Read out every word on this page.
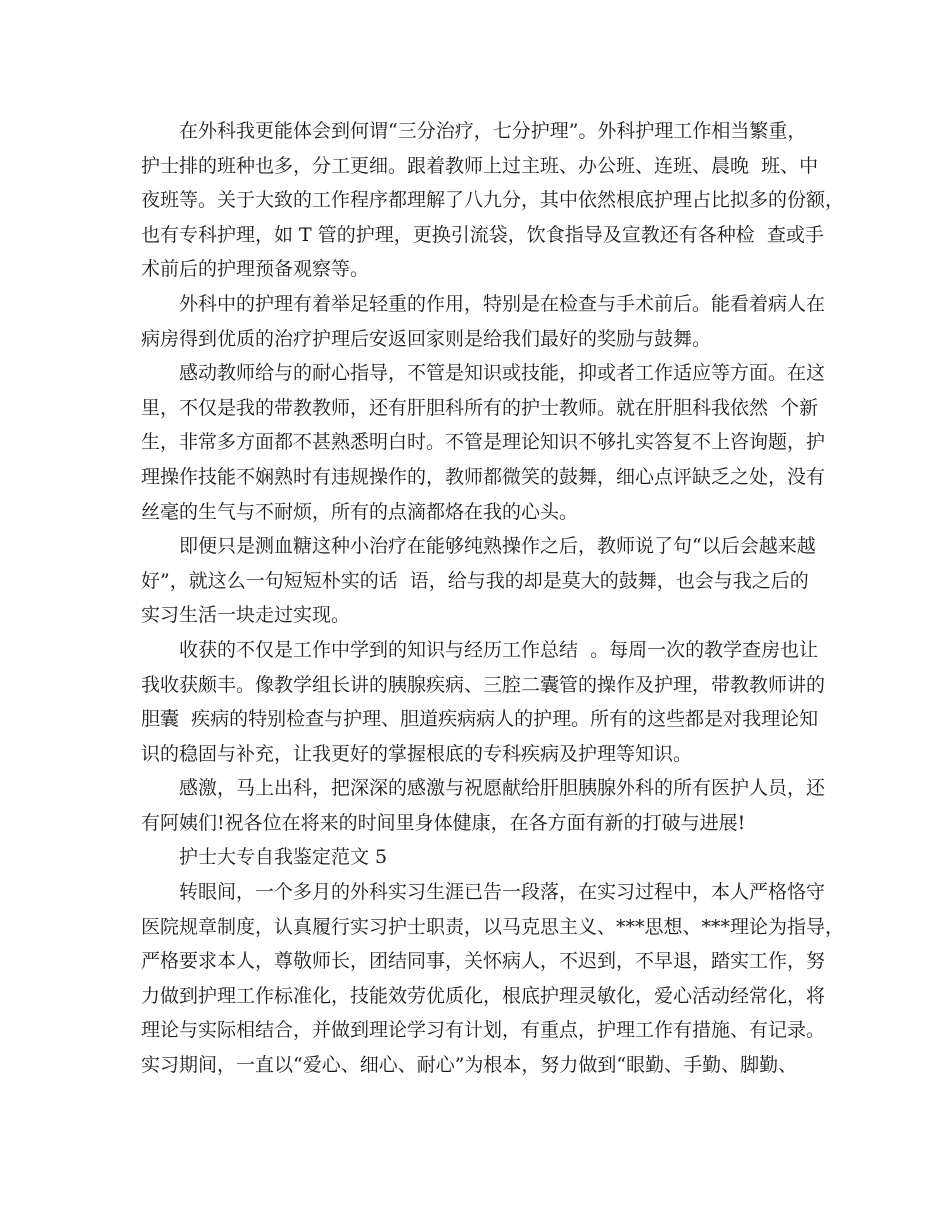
在外科我更能体会到何谓“三分治疗，七分护理”。外科护理工作相当繁重，
护士排的班种也多，分工更细。跟着教师上过主班、办公班、连班、晨晚  班、中
夜班等。关于大致的工作程序都理解了八九分，其中依然根底护理占比拟多的份额，
也有专科护理，如 T 管的护理，更换引流袋，饮食指导及宣教还有各种检  查或手
术前后的护理预备观察等。
外科中的护理有着举足轻重的作用，特别是在检查与手术前后。能看着病人在
病房得到优质的治疗护理后安返回家则是给我们最好的奖励与鼓舞。
感动教师给与的耐心指导，不管是知识或技能，抑或者工作适应等方面。在这
里，不仅是我的带教教师，还有肝胆科所有的护士教师。就在肝胆科我依然  个新
生，非常多方面都不甚熟悉明白时。不管是理论知识不够扎实答复不上咨询题，护
理操作技能不娴熟时有违规操作的，教师都微笑的鼓舞，细心点评缺乏之处，没有
丝毫的生气与不耐烦，所有的点滴都烙在我的心头。
即便只是测血糖这种小治疗在能够纯熟操作之后，教师说了句“以后会越来越
好”，就这么一句短短朴实的话  语，给与我的却是莫大的鼓舞，也会与我之后的
实习生活一块走过实现。
收获的不仅是工作中学到的知识与经历工作总结  。每周一次的教学查房也让
我收获颇丰。像教学组长讲的胰腺疾病、三腔二囊管的操作及护理，带教教师讲的
胆囊  疾病的特别检查与护理、胆道疾病病人的护理。所有的这些都是对我理论知
识的稳固与补充，让我更好的掌握根底的专科疾病及护理等知识。
感激，马上出科，把深深的感激与祝愿献给肝胆胰腺外科的所有医护人员，还
有阿姨们!祝各位在将来的时间里身体健康，在各方面有新的打破与进展!
护士大专自我鉴定范文 5
转眼间，一个多月的外科实习生涯已告一段落，在实习过程中，本人严格恪守
医院规章制度，认真履行实习护士职责，以马克思主义、***思想、***理论为指导，
严格要求本人，尊敬师长，团结同事，关怀病人，不迟到，不早退，踏实工作，努
力做到护理工作标准化，技能效劳优质化，根底护理灵敏化，爱心活动经常化，将
理论与实际相结合，并做到理论学习有计划，有重点，护理工作有措施、有记录。
实习期间，一直以“爱心、细心、耐心”为根本，努力做到“眼勤、手勤、脚勤、
